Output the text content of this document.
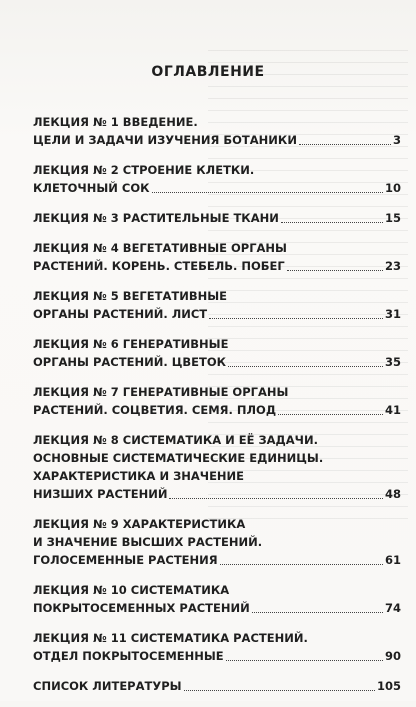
ОГЛАВЛЕНИЕ
ЛЕКЦИЯ № 1 ВВЕДЕНИЕ.
ЦЕЛИ И ЗАДАЧИ ИЗУЧЕНИЯ БОТАНИКИ	3
ЛЕКЦИЯ № 2 СТРОЕНИЕ КЛЕТКИ.
КЛЕТОЧНЫЙ СОК	10
ЛЕКЦИЯ № 3 РАСТИТЕЛЬНЫЕ ТКАНИ	15
ЛЕКЦИЯ № 4 ВЕГЕТАТИВНЫЕ ОРГАНЫ
РАСТЕНИЙ. КОРЕНЬ. СТЕБЕЛЬ. ПОБЕГ	23
ЛЕКЦИЯ № 5 ВЕГЕТАТИВНЫЕ
ОРГАНЫ РАСТЕНИЙ. ЛИСТ	31
ЛЕКЦИЯ № 6 ГЕНЕРАТИВНЫЕ
ОРГАНЫ РАСТЕНИЙ. ЦВЕТОК	35
ЛЕКЦИЯ № 7 ГЕНЕРАТИВНЫЕ ОРГАНЫ
РАСТЕНИЙ. СОЦВЕТИЯ. СЕМЯ. ПЛОД	41
ЛЕКЦИЯ № 8 СИСТЕМАТИКА И ЕЁ ЗАДАЧИ.
ОСНОВНЫЕ СИСТЕМАТИЧЕСКИЕ ЕДИНИЦЫ.
ХАРАКТЕРИСТИКА И ЗНАЧЕНИЕ
НИЗШИХ РАСТЕНИЙ	48
ЛЕКЦИЯ № 9 ХАРАКТЕРИСТИКА
И ЗНАЧЕНИЕ ВЫСШИХ РАСТЕНИЙ.
ГОЛОСЕМЕННЫЕ РАСТЕНИЯ	61
ЛЕКЦИЯ № 10 СИСТЕМАТИКА
ПОКРЫТОСЕМЕННЫХ РАСТЕНИЙ	74
ЛЕКЦИЯ № 11 СИСТЕМАТИКА РАСТЕНИЙ.
ОТДЕЛ ПОКРЫТОСЕМЕННЫЕ	90
СПИСОК ЛИТЕРАТУРЫ	105
